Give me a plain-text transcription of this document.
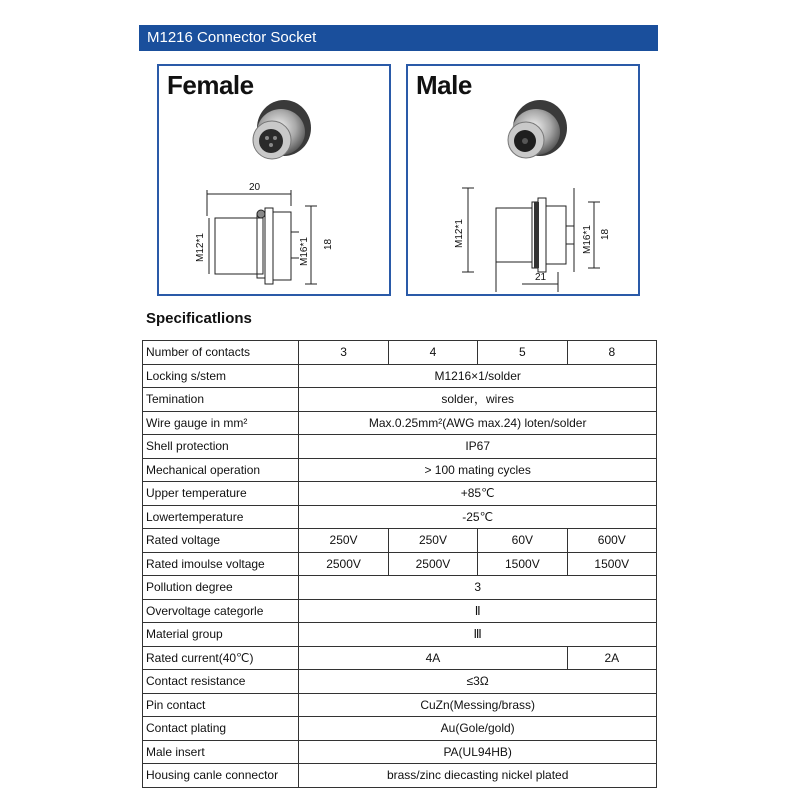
M1216 Connector Socket
Female
20
18
M12*1	M16*1
Male
21
18
M12*1	M16*1
Specificatlions
Number of contacts	3	4	5	8
Locking s/stem	M1216×1/solder			
Temination	solder，wires			
Wire gauge in mm²	Max.0.25mm²(AWG max.24) loten/solder			
Shell protection	IP67			
Mechanical operation	> 100 mating cycles			
Upper temperature	+85℃			
Lowertemperature	-25℃			
Rated voltage	250V	250V	60V	600V
Rated imoulse voltage	2500V	2500V	1500V	1500V
Pollution degree	3			
Overvoltage categorle	Ⅱ			
Material group	Ⅲ			
Rated current(40℃)	4A			2A
Contact resistance	≤3Ω			
Pin contact	CuZn(Messing/brass)			
Contact plating	Au(Gole/gold)			
Male insert	PA(UL94HB)			
Housing canle connector	brass/zinc diecasting nickel plated			
